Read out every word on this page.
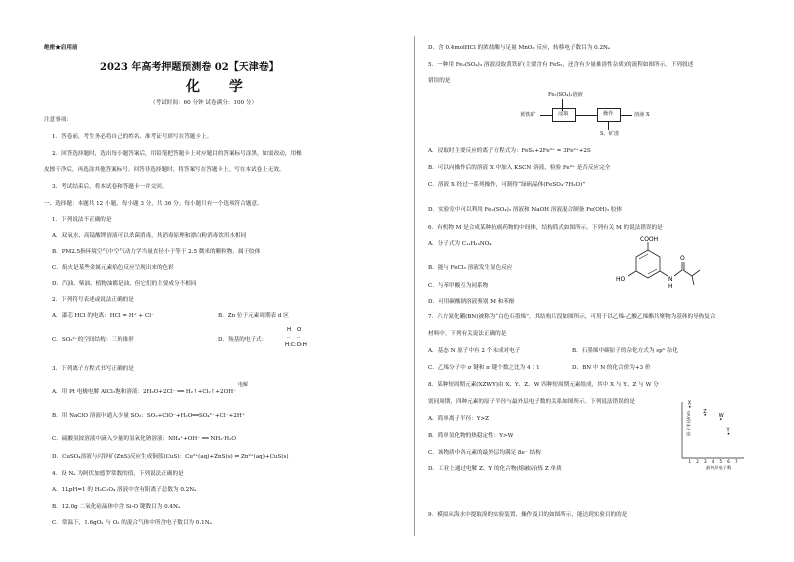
绝密★启用前
2023 年高考押题预测卷 02【天津卷】
化 学
（考试时间：60 分钟 试卷满分：100 分）
注意事项：
1．答卷前，考生务必将自己的姓名、准考证号填写在答题卡上。
2．回答选择题时，选出每小题答案后，用铅笔把答题卡上对应题目的答案标号涂黑。如需改动，用橡
皮擦干净后，再选涂其他答案标号。回答非选择题时，将答案写在答题卡上。写在本试卷上无效。
3．考试结束后，将本试卷和答题卡一并交回。
一、选择题：本题共 12 小题，每小题 3 分，共 36 分。每小题只有一个选项符合题意。
1．下列说法不正确的是
A．双氧水、高锰酸钾溶液可以杀菌消毒，其消毒原理和漂白粉消毒饮用水相同
B．PM2.5指环境空气中空气动力学当量直径小于等于 2.5 微米的颗粒物，属于胶体
C．焰火是某些金属元素焰色反应呈现出来的色彩
D．汽油、柴油、植物油都是油，但它们的主要成分不相同
2．下列符号表述或说法正确的是
A．漆芯 HCl 的电离：HCl = H⁺ + Cl⁻	B．Zn 位于元素周期表 d 区
C．SO₃²⁻的空间结构：三角锥形	D．羧基的电子式：
H O
H:C:O:H
‥ ‥
3．下列离子方程式书写正确的是
A．用 Pt 电极电解 AlCl₃饱和溶液：2H₂O+2Cl⁻ ══ H₂↑+Cl₂↑+2OH⁻
电解
B．用 NaClO 溶液中通入少量 SO₂：SO₂+ClO⁻+H₂O══SO₄²⁻+Cl⁻+2H⁺
C．硫酸氢铵溶液中滴入少量的氢氧化钠溶液：NH₄⁺+OH⁻ ══ NH₃·H₂O
D．CuSO₄溶液与闪锌矿(ZnS)反应生成铜蓝(CuS)：Cu²⁺(aq)+ZnS(s) ⇌ Zn²⁺(aq)+CuS(s)
4．设 Nₐ 为阿伏加德罗常数的值，下列说法正确的是
A．1LpH=1 的 H₂C₂O₄ 溶液中含有阳离子总数为 0.2Nₐ
B．12.0g 二氧化硅晶体中含 Si-O 键数目为 0.4Nₐ
C．常温下，1.6gO₂ 与 O₃ 的混合气体中所含电子数目为 0.1Nₐ
D．含 0.4molHCl 的浓盐酸与足量 MnO₂ 反应，转移电子数目为 0.2Nₐ
5．一种用 Fe₂(SO₄)₃ 溶液浸取黄铁矿(主要含有 FeS₂，还含有少量难溶性杂质)的流程如图所示。下列叙述
错误的是
Fe₂(SO₄)₃溶液
黄铁矿	浸取	操作	溶液 X
S、矿渣
A．浸取时主要反应的离子方程式为：FeS₂+2Fe³⁺ = 3Fe²⁺+2S
B．可以向操作后的溶液 X 中加入 KSCN 溶液，检验 Fe³⁺ 是否反应完全
C．溶液 X 经过一系列操作，可制得“绿矾晶体(FeSO₄·7H₂O)”
D．实验室中可以利用 Fe₂(SO₄)₃ 溶液和 NaOH 溶液混合制备 Fe(OH)₃ 胶体
6．有机物 M 是合成某种抗癌药物的中间体，结构简式如图所示。下列有关 M 的说法错误的是
A．分子式为 C₁₁H₁₃NO₄
B．能与 FeCl₃ 溶液发生显色反应
C．与苯甲酸互为同系物
D．可用碳酸钠溶液鉴别 M 和苯酚
COOH
HO	N
H
O
7．六方氮化硼(BN)被称为“白色石墨烯”，其结构片段如图所示，可用于以乙烯-乙酸乙烯酯共聚物为基体的导热复合
材料中。下列有关说法正确的是
A．基态 N 原子中有 2 个未成对电子	B．石墨烯中碳原子的杂化方式为 sp³ 杂化
C．乙烯分子中 σ 键和 π 键个数之比为 4∶1	D．BN 中 N 的化合价为+3 价
8．某种短周期元素(XZWY)由 X、Y、Z、W 四种短周期元素组成，其中 X 与 Y、Z 与 W 分
别同周期，四种元素的原子半径与最外层电子数的关系如图所示。下列说法错误的是
A．简单离子半径：Y>Z
B．简单氢化物的热稳定性：Y>W
C．该物质中各元素的最外层均满足 8e⁻ 结构
D．工业上通过电解 Z、Y 的化合物(熔融)冶炼 Z 单质
原子半径/nm
最外层电子数
1 2 3 4 5 6 7
X
Z
W
Y
9．模拟从海水中提取溴的实验装置、操作及目的如图所示，能达到实验目的的是
